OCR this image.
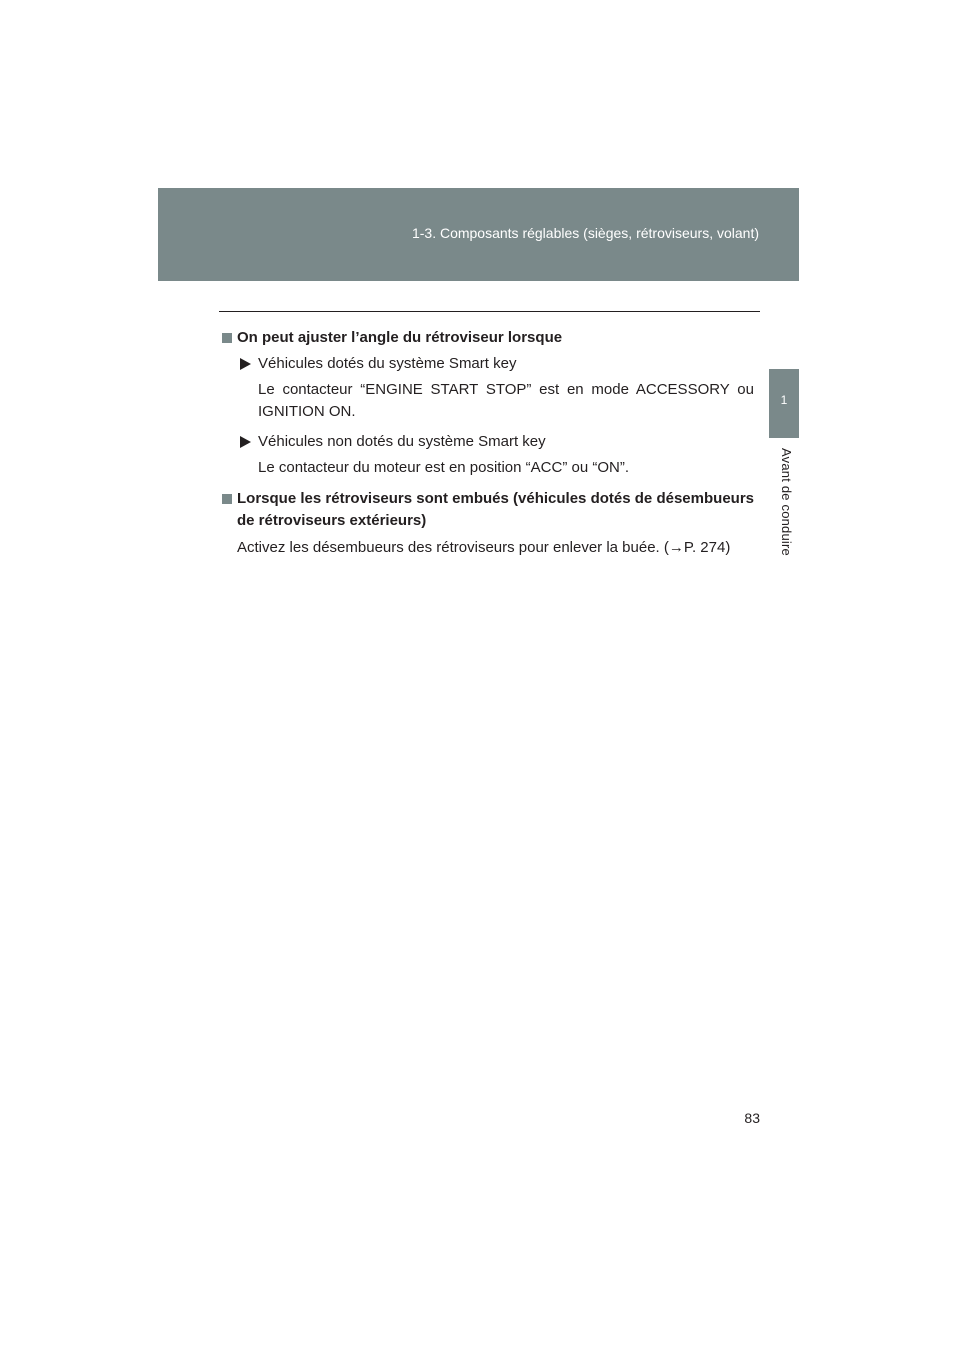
1-3. Composants réglables (sièges, rétroviseurs, volant)
1
Avant de conduire
On peut ajuster l’angle du rétroviseur lorsque
Véhicules dotés du système Smart key
Le contacteur “ENGINE START STOP” est en mode ACCESSORY ou IGNITION ON.
Véhicules non dotés du système Smart key
Le contacteur du moteur est en position “ACC” ou “ON”.
Lorsque les rétroviseurs sont embués (véhicules dotés de désembueurs de rétroviseurs extérieurs)
Activez les désembueurs des rétroviseurs pour enlever la buée. (→P. 274)
83
